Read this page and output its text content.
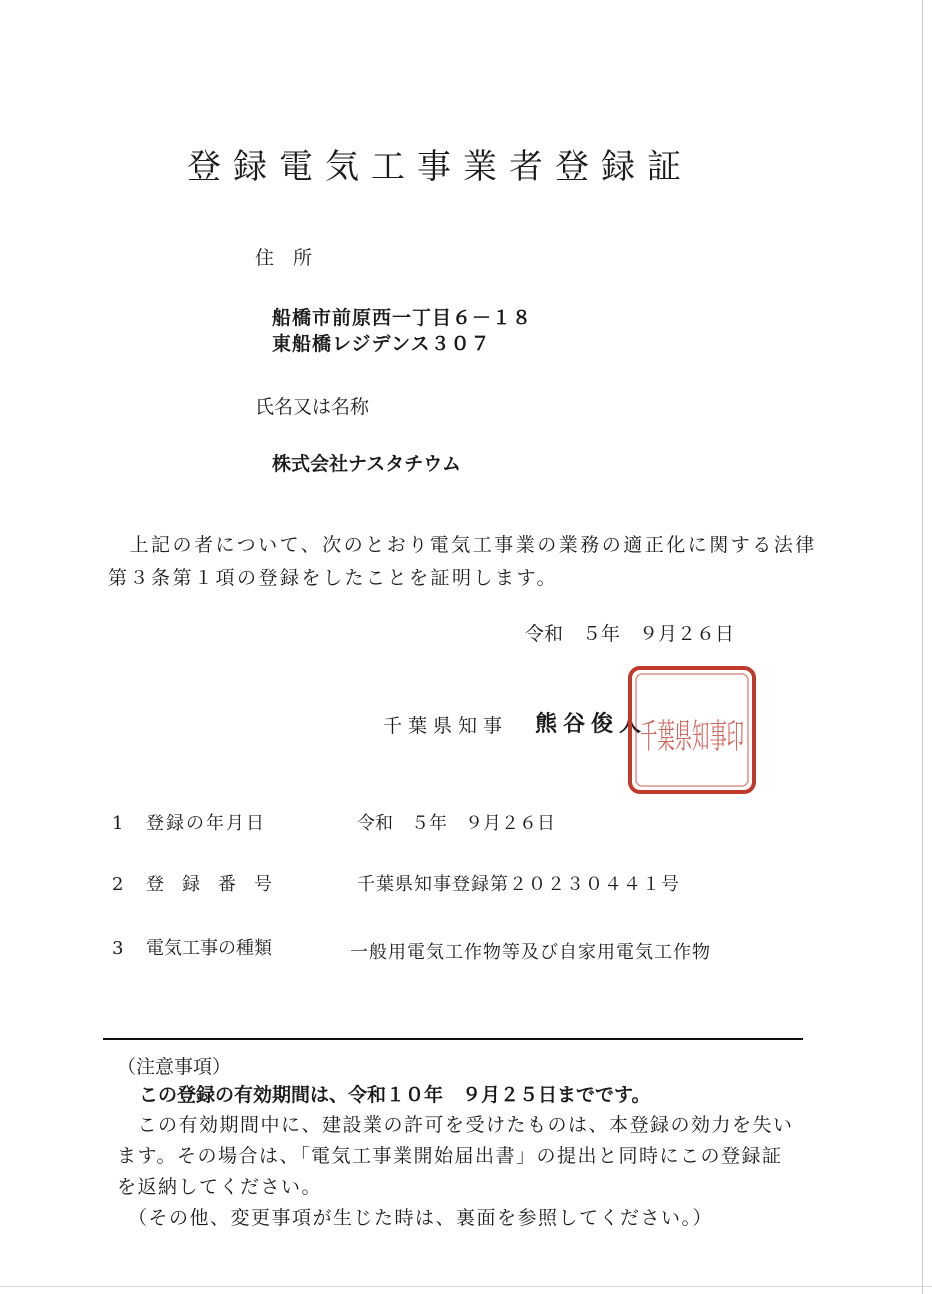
登録電気工事業者登録証
住　所
船橋市前原西一丁目６－１８
東船橋レジデンス３０７
氏名又は名称
株式会社ナスタチウム
　上記の者について、次のとおり電気工事業の業務の適正化に関する法律
第３条第１項の登録をしたことを証明します。
令和　５年　９月２６日
千葉県知事 熊谷俊人
千葉県知事印
1 登録の年月日	令和　５年　９月２６日
2 登　録　番　号	千葉県知事登録第２０２３０４４１号
3 電気工事の種類	一般用電気工作物等及び自家用電気工作物
（注意事項）
この登録の有効期間は、令和１０年　９月２５日までです。
　この有効期間中に、建設業の許可を受けたものは、本登録の効力を失い
ます。その場合は、「電気工事業開始届出書」の提出と同時にこの登録証
を返納してください。
　（その他、変更事項が生じた時は、裏面を参照してください。）
